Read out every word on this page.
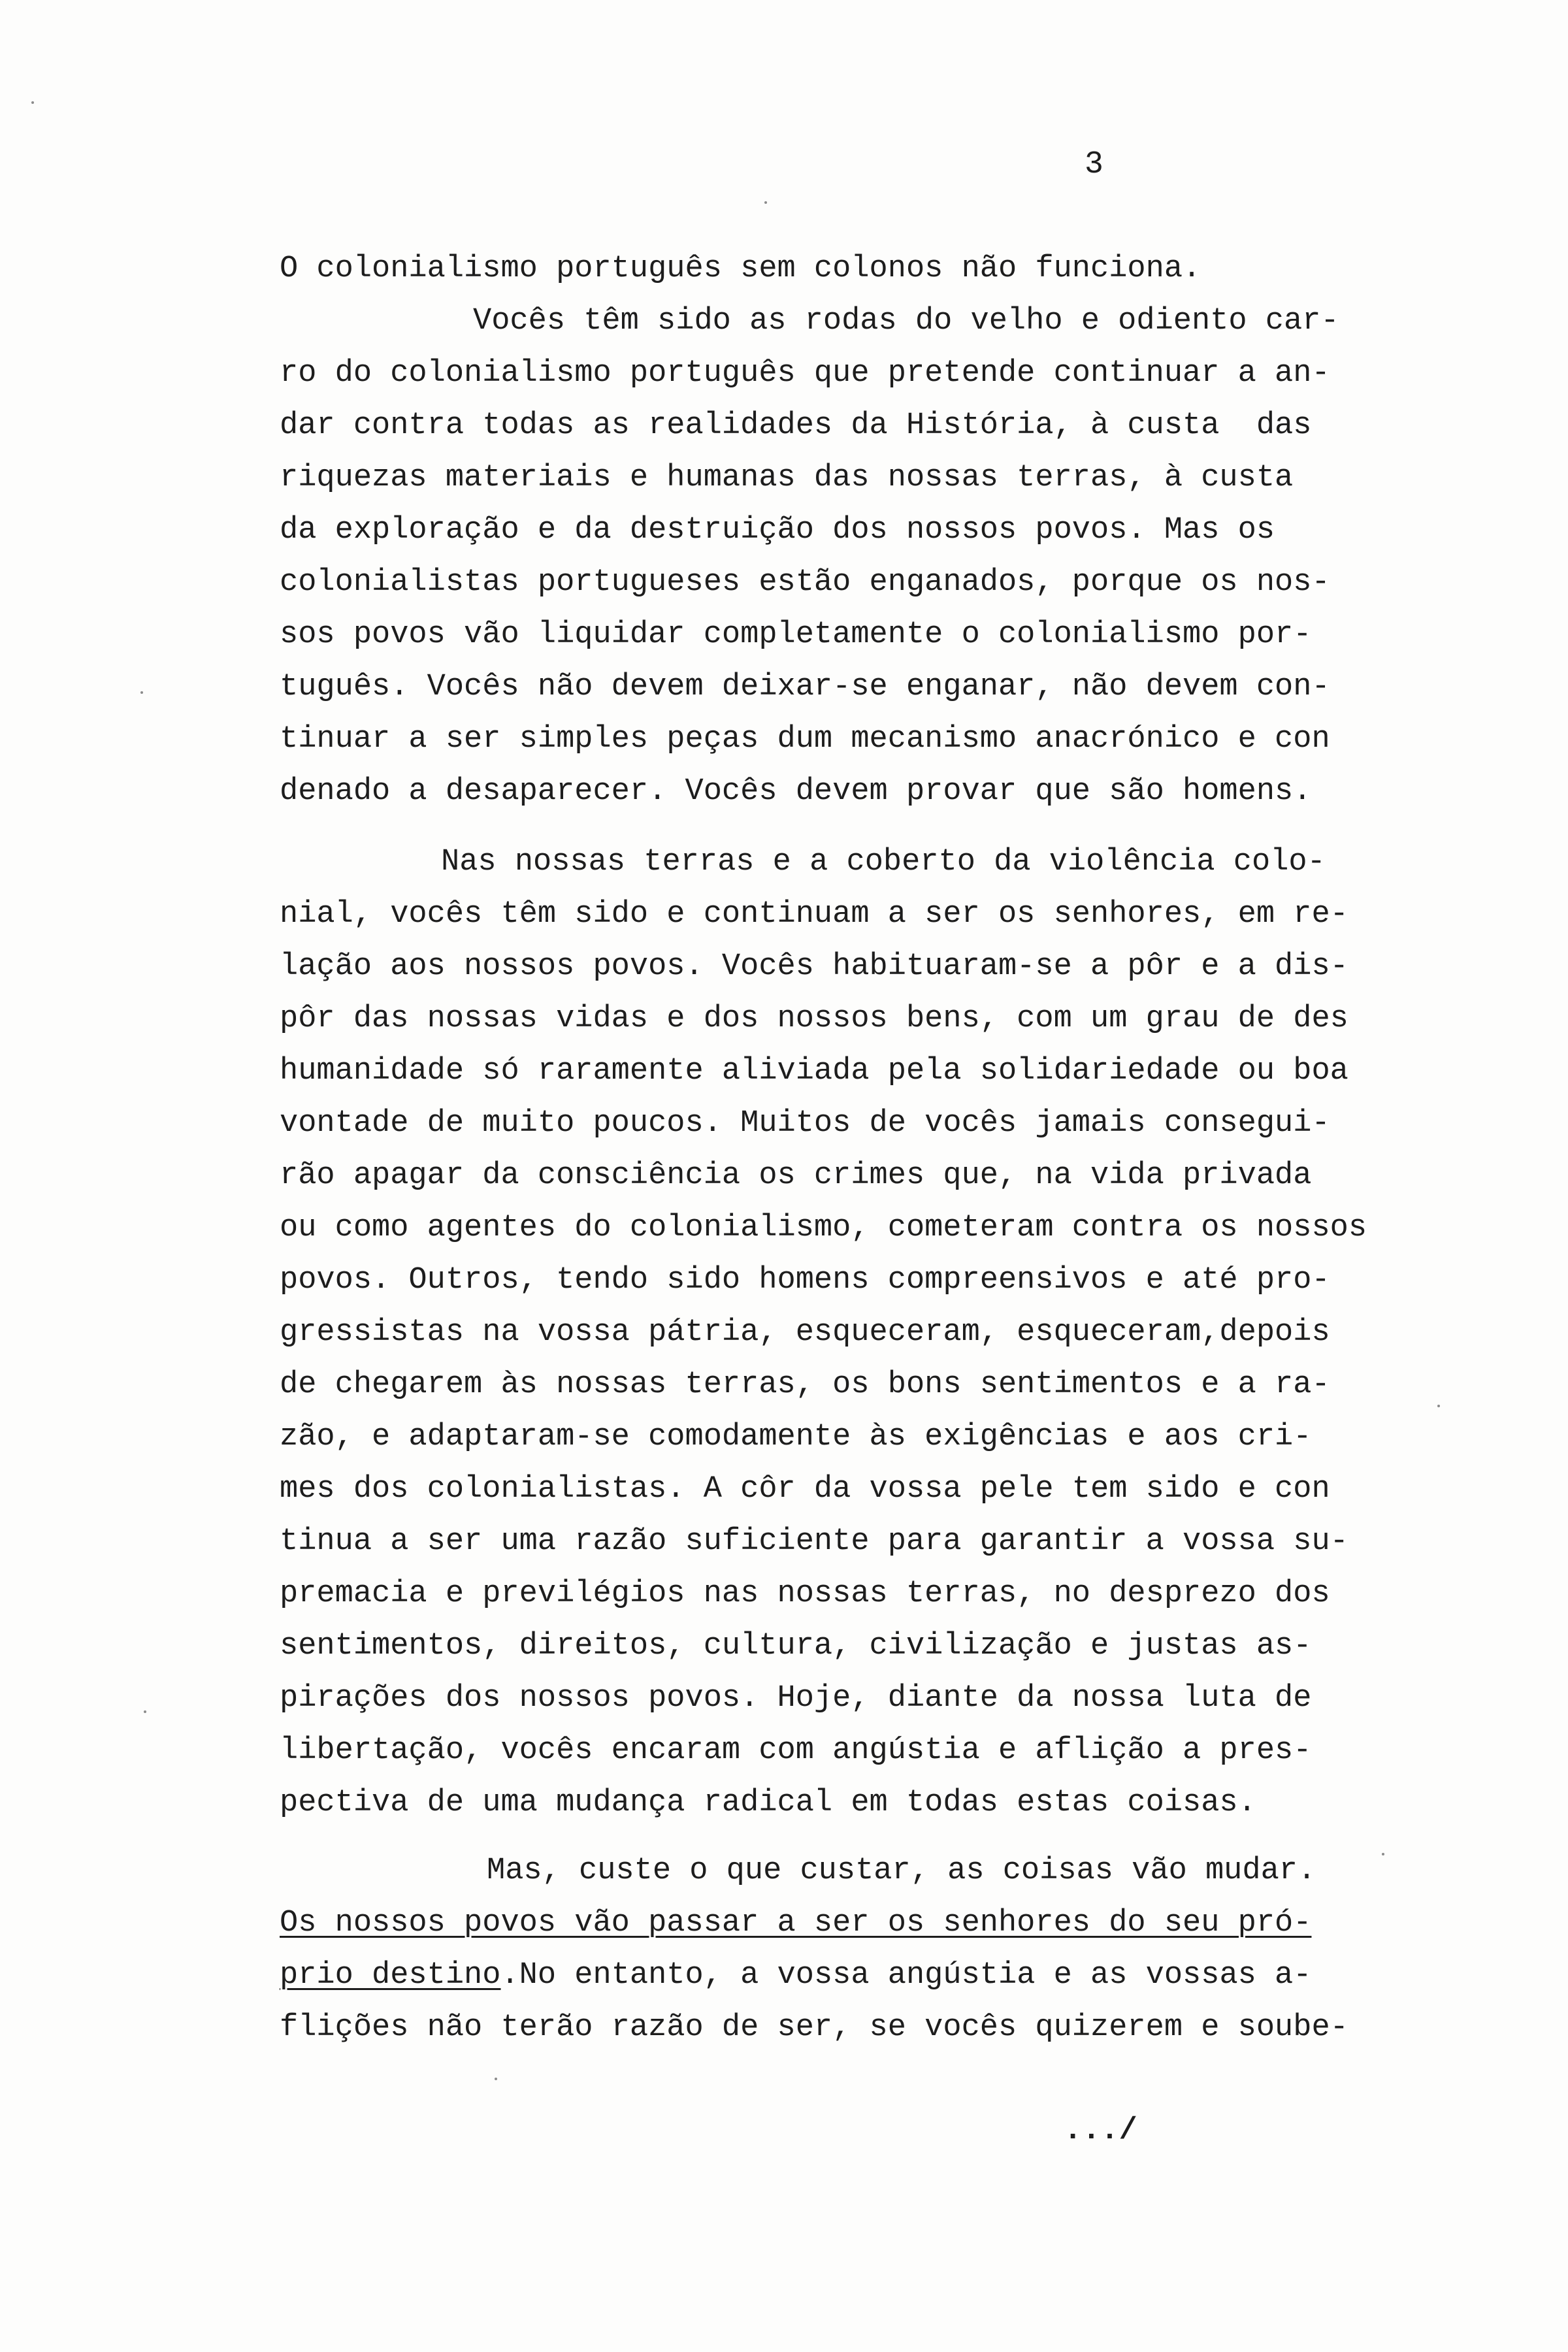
3

O colonialismo português sem colonos não funciona.

Vocês têm sido as rodas do velho e odiento car-

ro do colonialismo português que pretende continuar a an-

dar contra todas as realidades da História, à custa  das

riquezas materiais e humanas das nossas terras, à custa

da exploração e da destruição dos nossos povos. Mas os

colonialistas portugueses estão enganados, porque os nos-

sos povos vão liquidar completamente o colonialismo por-

tuguês. Vocês não devem deixar-se enganar, não devem con-

tinuar a ser simples peças dum mecanismo anacrónico e con

denado a desaparecer. Vocês devem provar que são homens.

Nas nossas terras e a coberto da violência colo-

nial, vocês têm sido e continuam a ser os senhores, em re-

lação aos nossos povos. Vocês habituaram-se a pôr e a dis-

pôr das nossas vidas e dos nossos bens, com um grau de des

humanidade só raramente aliviada pela solidariedade ou boa

vontade de muito poucos. Muitos de vocês jamais consegui-

rão apagar da consciência os crimes que, na vida privada

ou como agentes do colonialismo, cometeram contra os nossos

povos. Outros, tendo sido homens compreensivos e até pro-

gressistas na vossa pátria, esqueceram, esqueceram,depois

de chegarem às nossas terras, os bons sentimentos e a ra-

zão, e adaptaram-se comodamente às exigências e aos cri-

mes dos colonialistas. A côr da vossa pele tem sido e con

tinua a ser uma razão suficiente para garantir a vossa su-

premacia e previlégios nas nossas terras, no desprezo dos

sentimentos, direitos, cultura, civilização e justas as-

pirações dos nossos povos. Hoje, diante da nossa luta de

libertação, vocês encaram com angústia e aflição a pres-

pectiva de uma mudança radical em todas estas coisas.

Mas, custe o que custar, as coisas vão mudar.

Os nossos povos vão passar a ser os senhores do seu pró-

prio destino.No entanto, a vossa angústia e as vossas a-

flições não terão razão de ser, se vocês quizerem e soube-

.../
